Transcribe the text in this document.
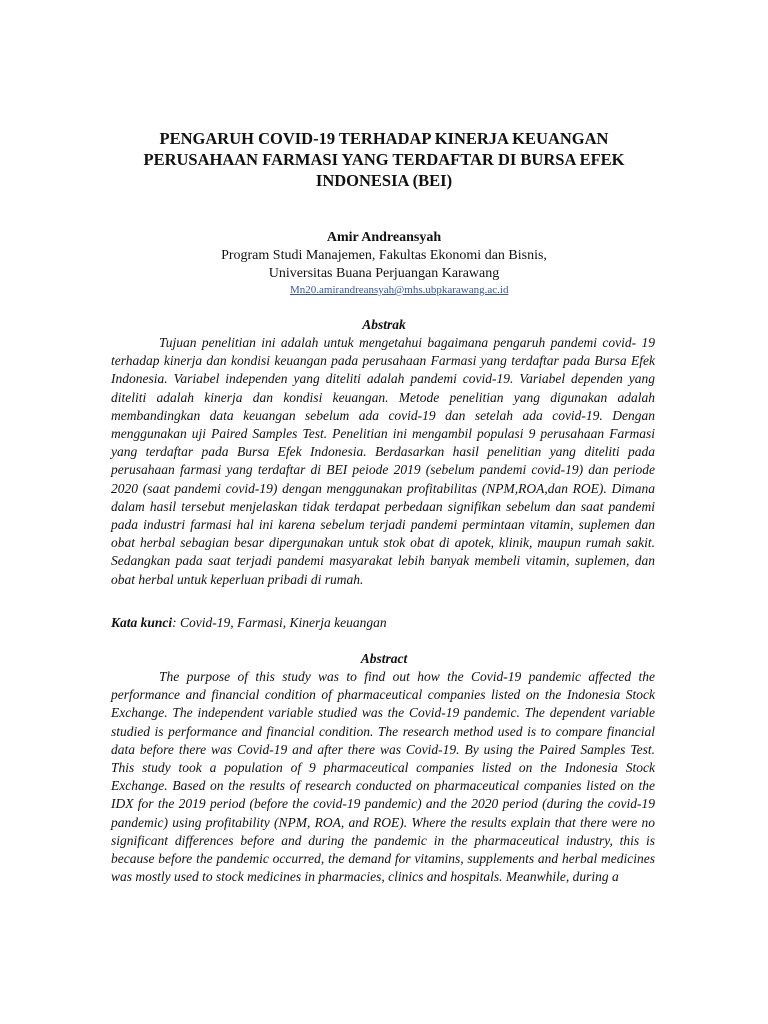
PENGARUH COVID-19 TERHADAP KINERJA KEUANGAN
PERUSAHAAN FARMASI YANG TERDAFTAR DI BURSA EFEK
INDONESIA (BEI)
Amir Andreansyah
Program Studi Manajemen, Fakultas Ekonomi dan Bisnis,
Universitas Buana Perjuangan Karawang
Mn20.amirandreansyah@mhs.ubpkarawang.ac.id
Abstrak

Tujuan penelitian ini adalah untuk mengetahui bagaimana pengaruh pandemi covid- 19 terhadap kinerja dan kondisi keuangan pada perusahaan Farmasi yang terdaftar pada Bursa Efek Indonesia. Variabel independen yang diteliti adalah pandemi covid-19. Variabel dependen yang diteliti adalah kinerja dan kondisi keuangan. Metode penelitian yang digunakan adalah membandingkan data keuangan sebelum ada covid-19 dan setelah ada covid-19. Dengan menggunakan uji Paired Samples Test. Penelitian ini mengambil populasi 9 perusahaan Farmasi yang terdaftar pada Bursa Efek Indonesia. Berdasarkan hasil penelitian yang diteliti pada perusahaan farmasi yang terdaftar di BEI peiode 2019 (sebelum pandemi covid-19) dan periode 2020 (saat pandemi covid-19) dengan menggunakan profitabilitas (NPM,ROA,dan ROE). Dimana dalam hasil tersebut menjelaskan tidak terdapat perbedaan signifikan sebelum dan saat pandemi pada industri farmasi hal ini karena sebelum terjadi pandemi permintaan vitamin, suplemen dan obat herbal sebagian besar dipergunakan untuk stok obat di apotek, klinik, maupun rumah sakit. Sedangkan pada saat terjadi pandemi masyarakat lebih banyak membeli vitamin, suplemen, dan obat herbal untuk keperluan pribadi di rumah.

Kata kunci: Covid-19, Farmasi, Kinerja keuangan
Abstract

The purpose of this study was to find out how the Covid-19 pandemic affected the performance and financial condition of pharmaceutical companies listed on the Indonesia Stock Exchange. The independent variable studied was the Covid-19 pandemic. The dependent variable studied is performance and financial condition. The research method used is to compare financial data before there was Covid-19 and after there was Covid-19. By using the Paired Samples Test. This study took a population of 9 pharmaceutical companies listed on the Indonesia Stock Exchange. Based on the results of research conducted on pharmaceutical companies listed on the IDX for the 2019 period (before the covid-19 pandemic) and the 2020 period (during the covid-19 pandemic) using profitability (NPM, ROA, and ROE). Where the results explain that there were no significant differences before and during the pandemic in the pharmaceutical industry, this is because before the pandemic occurred, the demand for vitamins, supplements and herbal medicines was mostly used to stock medicines in pharmacies, clinics and hospitals. Meanwhile, during a
